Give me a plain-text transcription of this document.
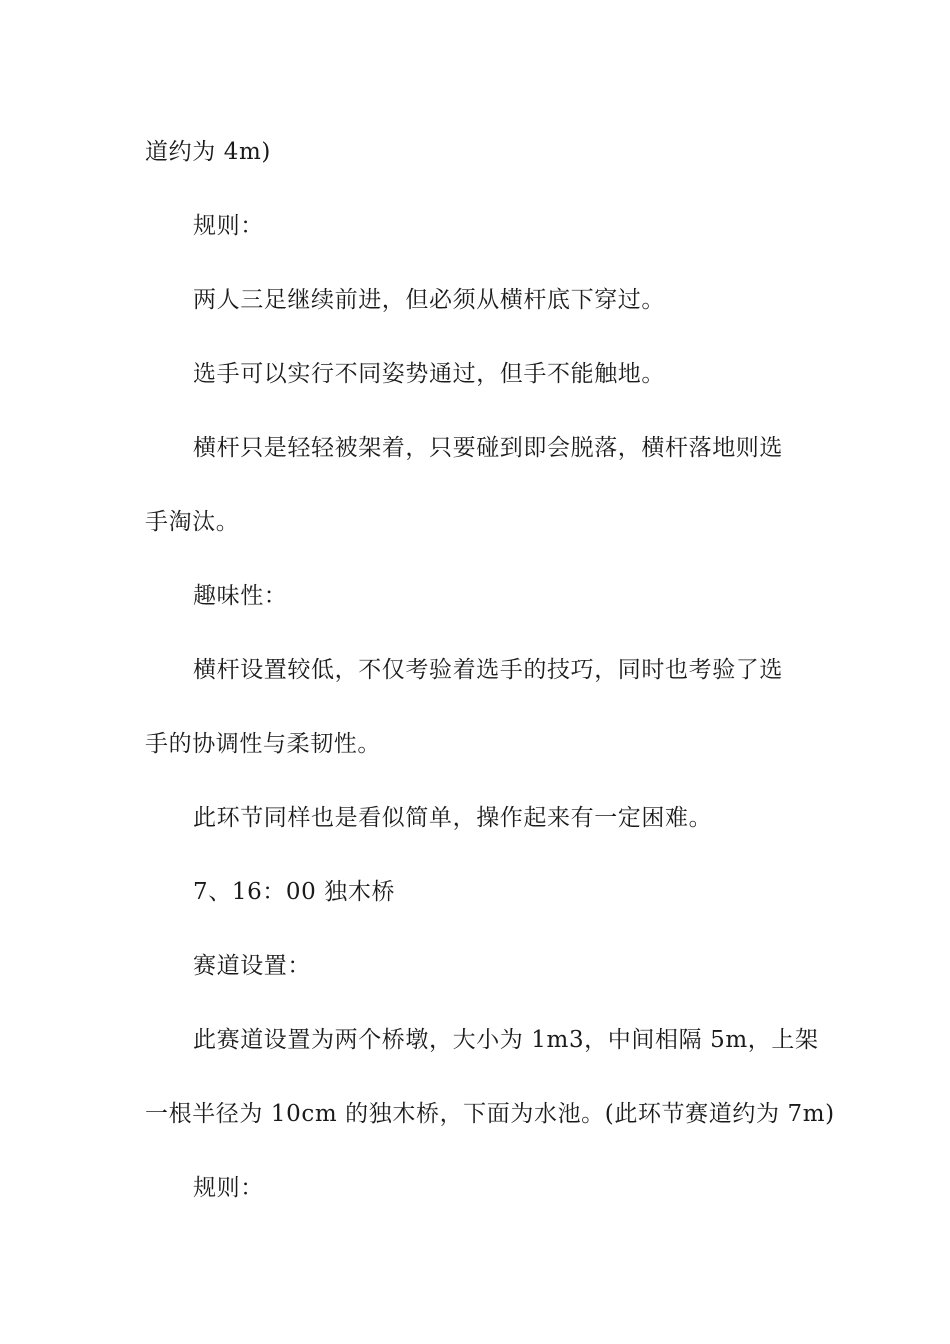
道约为 4m)

规则：

两人三足继续前进，但必须从横杆底下穿过。

选手可以实行不同姿势通过，但手不能触地。

横杆只是轻轻被架着，只要碰到即会脱落，横杆落地则选

手淘汰。

趣味性：

横杆设置较低，不仅考验着选手的技巧，同时也考验了选

手的协调性与柔韧性。

此环节同样也是看似简单，操作起来有一定困难。

7、16：00 独木桥

赛道设置：

此赛道设置为两个桥墩，大小为 1m3，中间相隔 5m，上架

一根半径为 10cm 的独木桥，下面为水池。(此环节赛道约为 7m)

规则：
